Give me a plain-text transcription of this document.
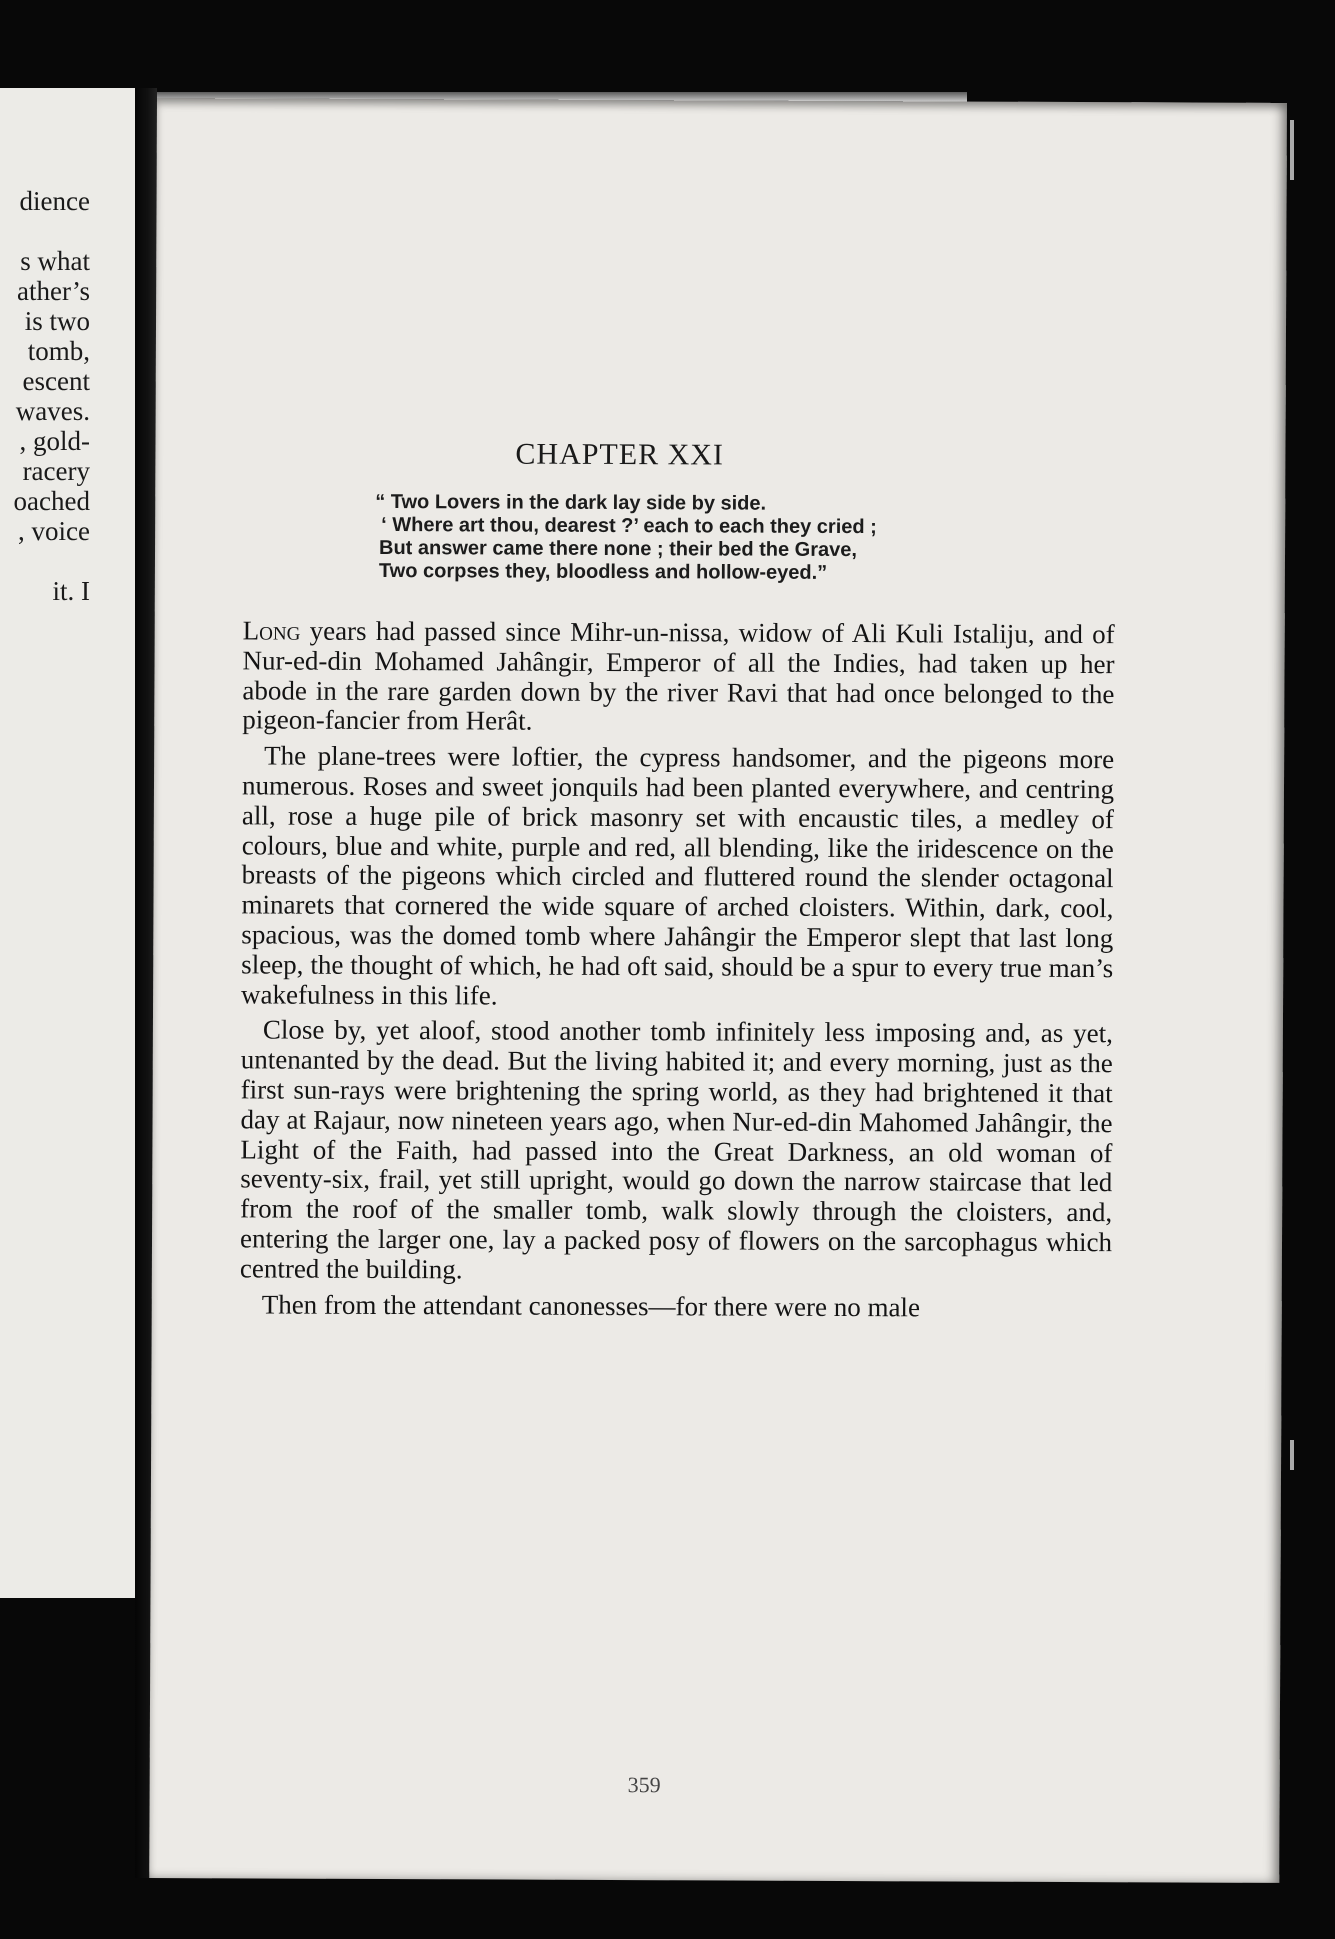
dience
s what
ather’s
is two
tomb,
escent
waves.
, gold-
racery
oached
, voice
it. I
CHAPTER XXI
“ Two Lovers in the dark lay side by side.
‘ Where art thou, dearest ?’ each to each they cried ;
But answer came there none ; their bed the Grave,
Two corpses they, bloodless and hollow-eyed.”

Long years had passed since Mihr-un-nissa, widow of Ali Kuli Istaliju, and of Nur-ed-din Mohamed Jahângir, Emperor of all the Indies, had taken up her abode in the rare garden down by the river Ravi that had once belonged to the pigeon-fancier from Herât.

The plane-trees were loftier, the cypress handsomer, and the pigeons more numerous. Roses and sweet jonquils had been planted everywhere, and centring all, rose a huge pile of brick masonry set with encaustic tiles, a medley of colours, blue and white, purple and red, all blending, like the iridescence on the breasts of the pigeons which circled and fluttered round the slender octagonal minarets that cornered the wide square of arched cloisters. Within, dark, cool, spacious, was the domed tomb where Jahângir the Emperor slept that last long sleep, the thought of which, he had oft said, should be a spur to every true man’s wakefulness in this life.

Close by, yet aloof, stood another tomb infinitely less imposing and, as yet, untenanted by the dead. But the living habited it; and every morning, just as the first sun-rays were brightening the spring world, as they had brightened it that day at Rajaur, now nineteen years ago, when Nur-ed-din Mahomed Jahângir, the Light of the Faith, had passed into the Great Darkness, an old woman of seventy-six, frail, yet still upright, would go down the narrow staircase that led from the roof of the smaller tomb, walk slowly through the cloisters, and, entering the larger one, lay a packed posy of flowers on the sarcophagus which centred the building.

Then from the attendant canonesses—for there were no male

359
